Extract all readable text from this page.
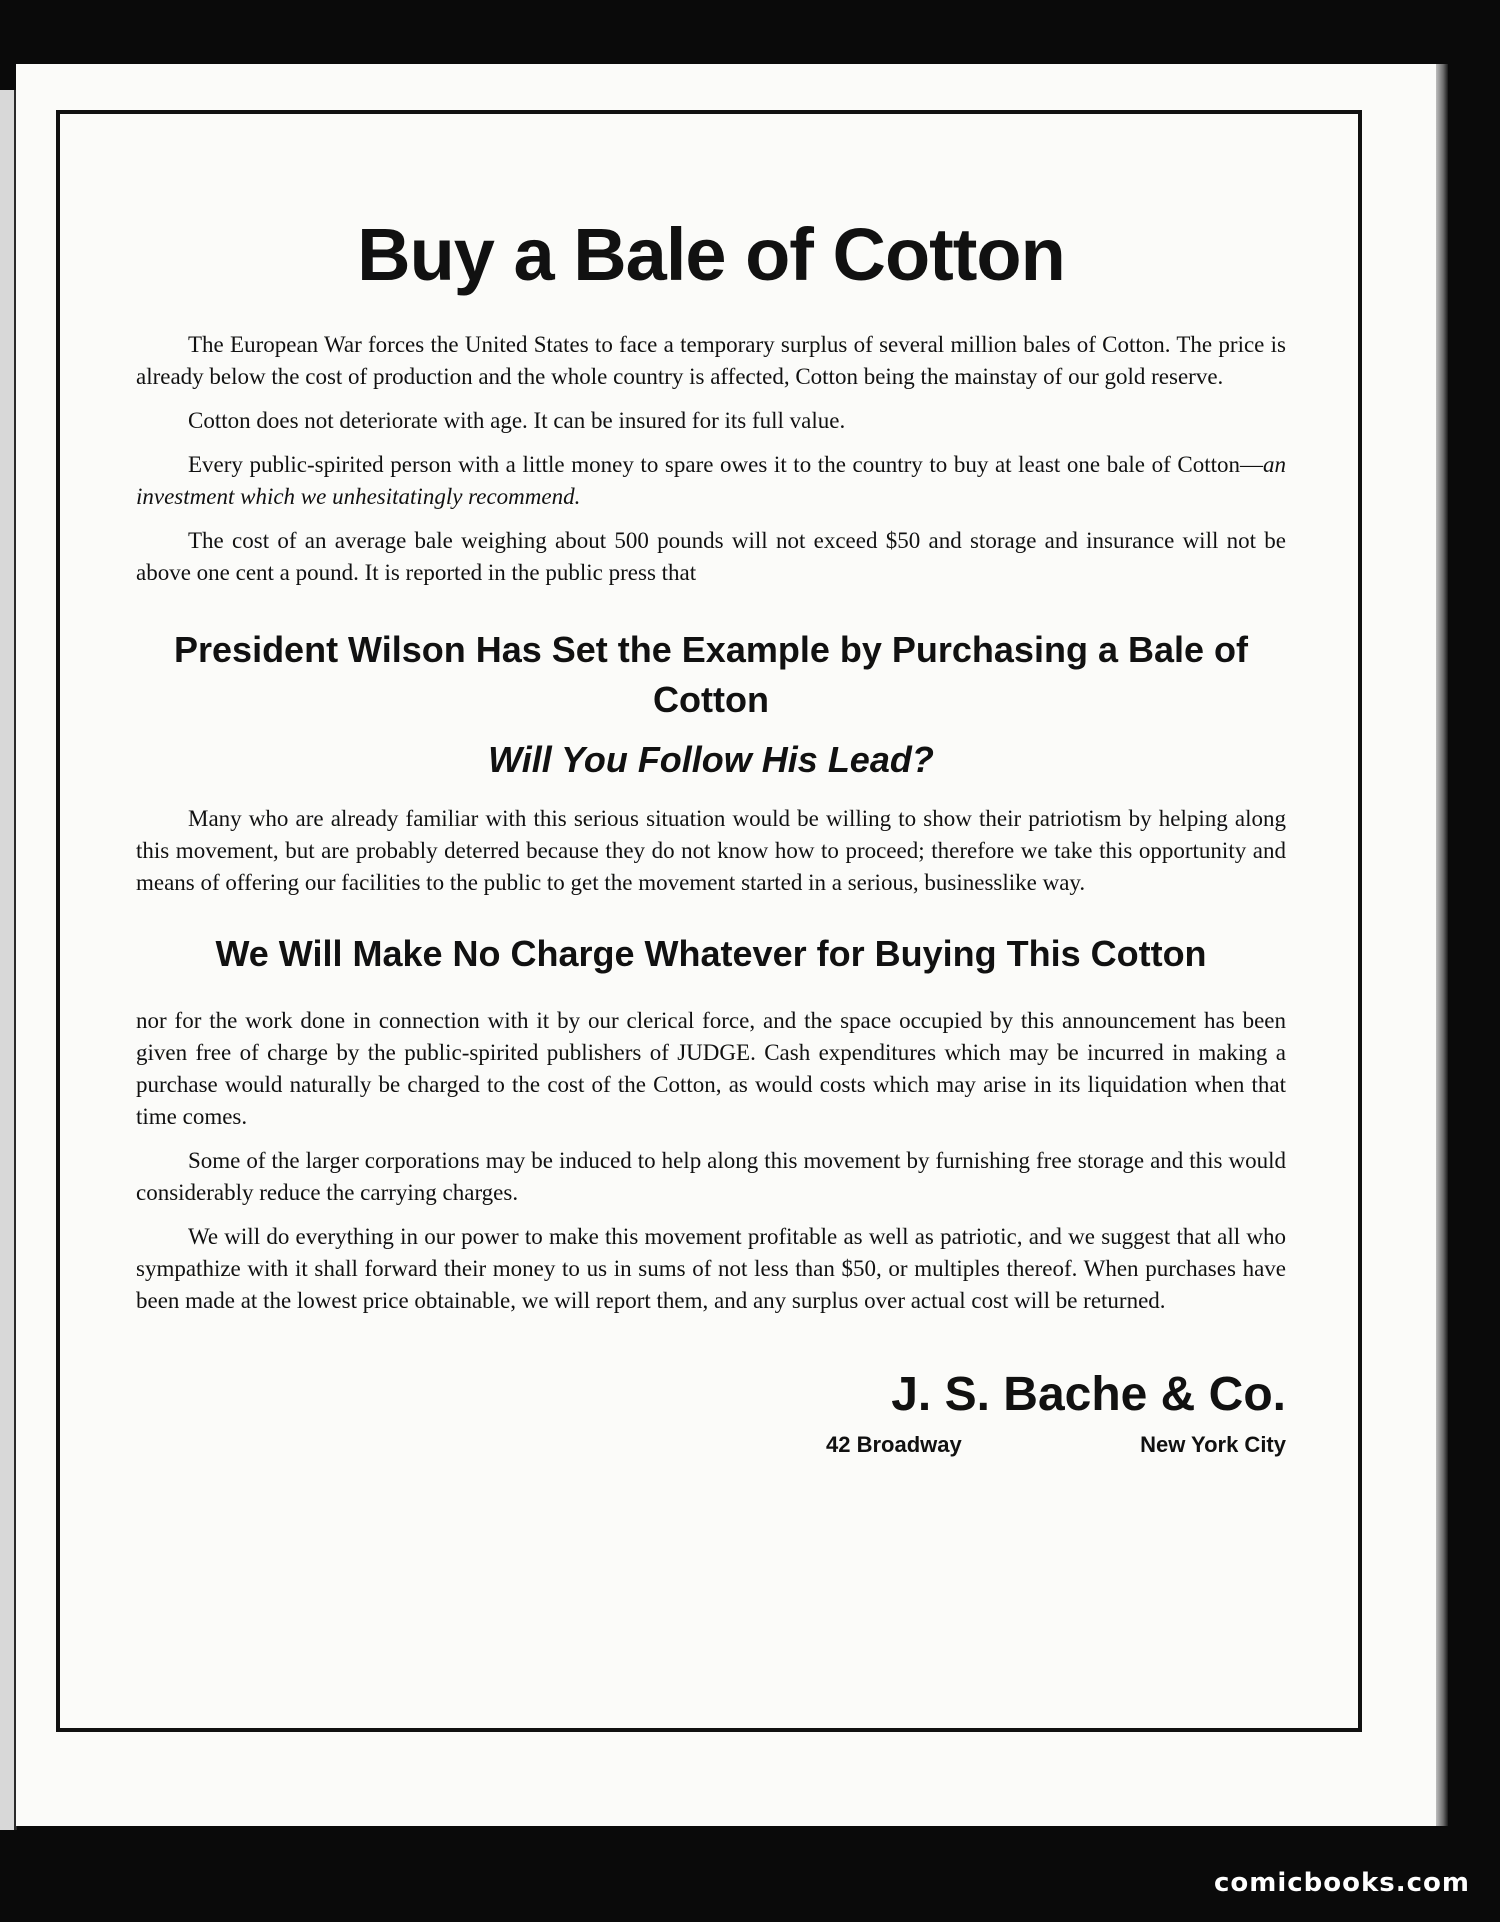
Buy a Bale of Cotton

The European War forces the United States to face a temporary surplus of several million bales of Cotton. The price is already below the cost of production and the whole country is affected, Cotton being the mainstay of our gold reserve.

Cotton does not deteriorate with age. It can be insured for its full value.

Every public-spirited person with a little money to spare owes it to the country to buy at least one bale of Cotton—an investment which we unhesitatingly recommend.

The cost of an average bale weighing about 500 pounds will not exceed $50 and storage and insurance will not be above one cent a pound. It is reported in the public press that

President Wilson Has Set the Example by Purchasing a Bale of Cotton
Will You Follow His Lead?

Many who are already familiar with this serious situation would be willing to show their patriotism by helping along this movement, but are probably deterred because they do not know how to proceed; therefore we take this opportunity and means of offering our facilities to the public to get the movement started in a serious, businesslike way.

We Will Make No Charge Whatever for Buying This Cotton

nor for the work done in connection with it by our clerical force, and the space occupied by this announcement has been given free of charge by the public-spirited publishers of JUDGE. Cash expenditures which may be incurred in making a purchase would naturally be charged to the cost of the Cotton, as would costs which may arise in its liquidation when that time comes.

Some of the larger corporations may be induced to help along this movement by furnishing free storage and this would considerably reduce the carrying charges.

We will do everything in our power to make this movement profitable as well as patriotic, and we suggest that all who sympathize with it shall forward their money to us in sums of not less than $50, or multiples thereof. When purchases have been made at the lowest price obtainable, we will report them, and any surplus over actual cost will be returned.

J. S. Bache & Co.
42 Broadway	New York City
comicbooks.com
